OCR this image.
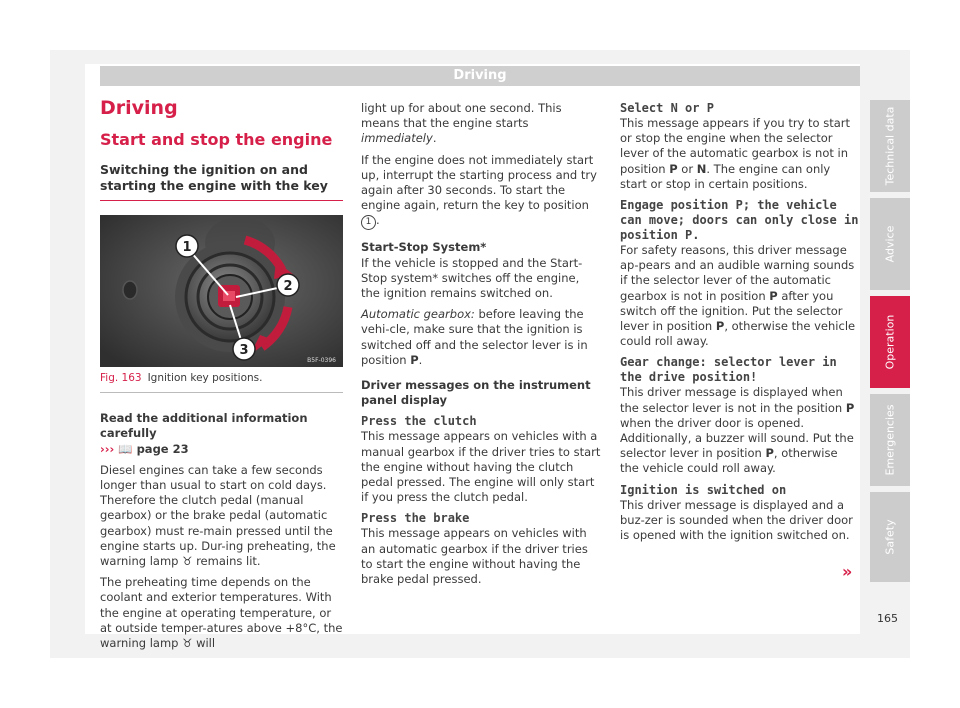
Driving
Driving
Start and stop the engine
Switching the ignition on and starting the engine with the key
1
2
3
B5F-0396
Fig. 163 Ignition key positions.

Read the additional information carefully

››› 📖 page 23

Diesel engines can take a few seconds longer than usual to start on cold days. Therefore the clutch pedal (manual gearbox) or the brake pedal (automatic gearbox) must re-main pressed until the engine starts up. Dur-ing preheating, the warning lamp ♉ remains lit.

The preheating time depends on the coolant and exterior temperatures. With the engine at operating temperature, or at outside temper-atures above +8°C, the warning lamp ♉ will

light up for about one second. This means that the engine starts immediately.

If the engine does not immediately start up, interrupt the starting process and try again after 30 seconds. To start the engine again, return the key to position 1 .

Start-Stop System*
If the vehicle is stopped and the Start-Stop system* switches off the engine, the ignition remains switched on.

Automatic gearbox: before leaving the vehi-cle, make sure that the ignition is switched off and the selector lever is in position P.

Driver messages on the instrument panel display

Press the clutch
This message appears on vehicles with a manual gearbox if the driver tries to start the engine without having the clutch pedal pressed. The engine will only start if you press the clutch pedal.

Press the brake
This message appears on vehicles with an automatic gearbox if the driver tries to start the engine without having the brake pedal pressed.

Select N or P
This message appears if you try to start or stop the engine when the selector lever of the automatic gearbox is not in position P or N. The engine can only start or stop in certain positions.

Engage position P; the vehicle can move; doors can only close in position P.
For safety reasons, this driver message ap-pears and an audible warning sounds if the selector lever of the automatic gearbox is not in position P after you switch off the ignition. Put the selector lever in position P, otherwise the vehicle could roll away.

Gear change: selector lever in the drive position!
This driver message is displayed when the selector lever is not in the position P when the driver door is opened. Additionally, a buzzer will sound. Put the selector lever in position P, otherwise the vehicle could roll away.

Ignition is switched on
This driver message is displayed and a buz-zer is sounded when the driver door is opened with the ignition switched on.

»
Technical data
Advice
Operation
Emergencies
Safety
165
